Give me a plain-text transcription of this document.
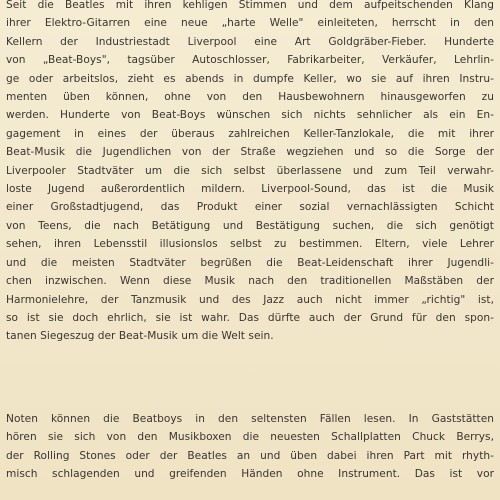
Seit die Beatles mit ihren kehligen Stimmen und dem aufpeitschenden Klang
ihrer Elektro-Gitarren eine neue „harte Welle" einleiteten, herrscht in den
Kellern der Industriestadt Liverpool eine Art Goldgräber-Fieber. Hunderte
von „Beat-Boys", tagsüber Autoschlosser, Fabrikarbeiter, Verkäufer, Lehrlin-
ge oder arbeitslos, zieht es abends in dumpfe Keller, wo sie auf ihren Instru-
menten üben können, ohne von den Hausbewohnern hinausgeworfen zu
werden. Hunderte von Beat-Boys wünschen sich nichts sehnlicher als ein En-
gagement in eines der überaus zahlreichen Keller-Tanzlokale, die mit ihrer
Beat-Musik die Jugendlichen von der Straße wegziehen und so die Sorge der
Liverpooler Stadtväter um die sich selbst überlassene und zum Teil verwahr-
loste Jugend außerordentlich mildern. Liverpool-Sound, das ist die Musik
einer Großstadtjugend, das Produkt einer sozial vernachlässigten Schicht
von Teens, die nach Betätigung und Bestätigung suchen, die sich genötigt
sehen, ihren Lebensstil illusionslos selbst zu bestimmen. Eltern, viele Lehrer
und die meisten Stadtväter begrüßen die Beat-Leidenschaft ihrer Jugendli-
chen inzwischen. Wenn diese Musik nach den traditionellen Maßstäben der
Harmonielehre, der Tanzmusik und des Jazz auch nicht immer „richtig" ist,
so ist sie doch ehrlich, sie ist wahr. Das dürfte auch der Grund für den spon-
tanen Siegeszug der Beat-Musik um die Welt sein.

Noten können die Beatboys in den seltensten Fällen lesen. In Gaststätten
hören sie sich von den Musikboxen die neuesten Schallplatten Chuck Berrys,
der Rolling Stones oder der Beatles an und üben dabei ihren Part mit rhyth-
misch schlagenden und greifenden Händen ohne Instrument. Das ist vor
